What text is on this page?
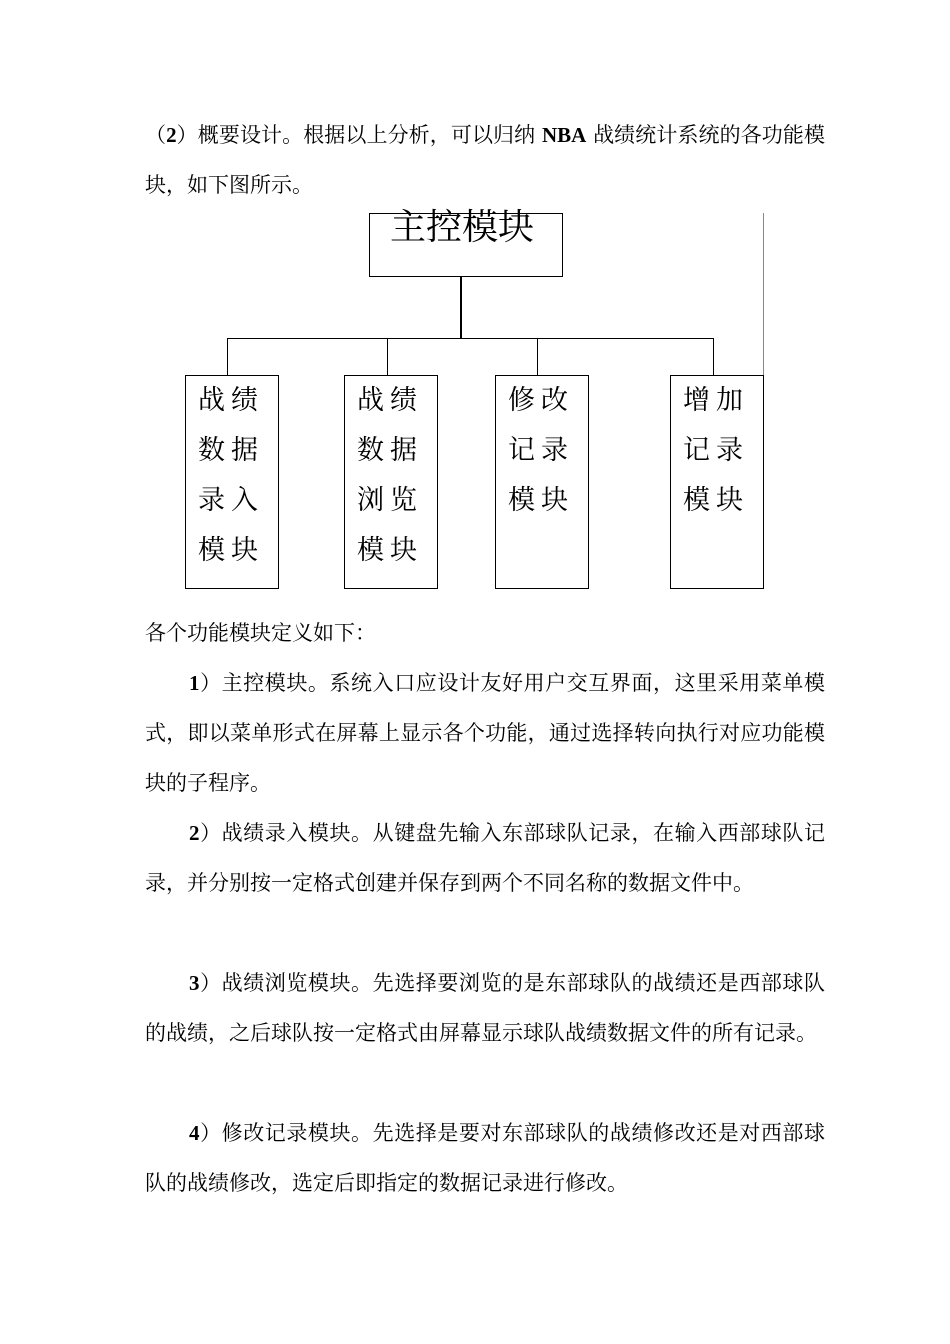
（2）概要设计。根据以上分析，可以归纳 NBA 战绩统计系统的各功能模块，如下图所示。

主控模块
战绩数据录入模块
战绩数据浏览模块
修改记录模块
增加记录模块

各个功能模块定义如下：

1）主控模块。系统入口应设计友好用户交互界面，这里采用菜单模式，即以菜单形式在屏幕上显示各个功能，通过选择转向执行对应功能模块的子程序。

2）战绩录入模块。从键盘先输入东部球队记录，在输入西部球队记录，并分别按一定格式创建并保存到两个不同名称的数据文件中。

3）战绩浏览模块。先选择要浏览的是东部球队的战绩还是西部球队的战绩，之后球队按一定格式由屏幕显示球队战绩数据文件的所有记录。

4）修改记录模块。先选择是要对东部球队的战绩修改还是对西部球队的战绩修改，选定后即指定的数据记录进行修改。
